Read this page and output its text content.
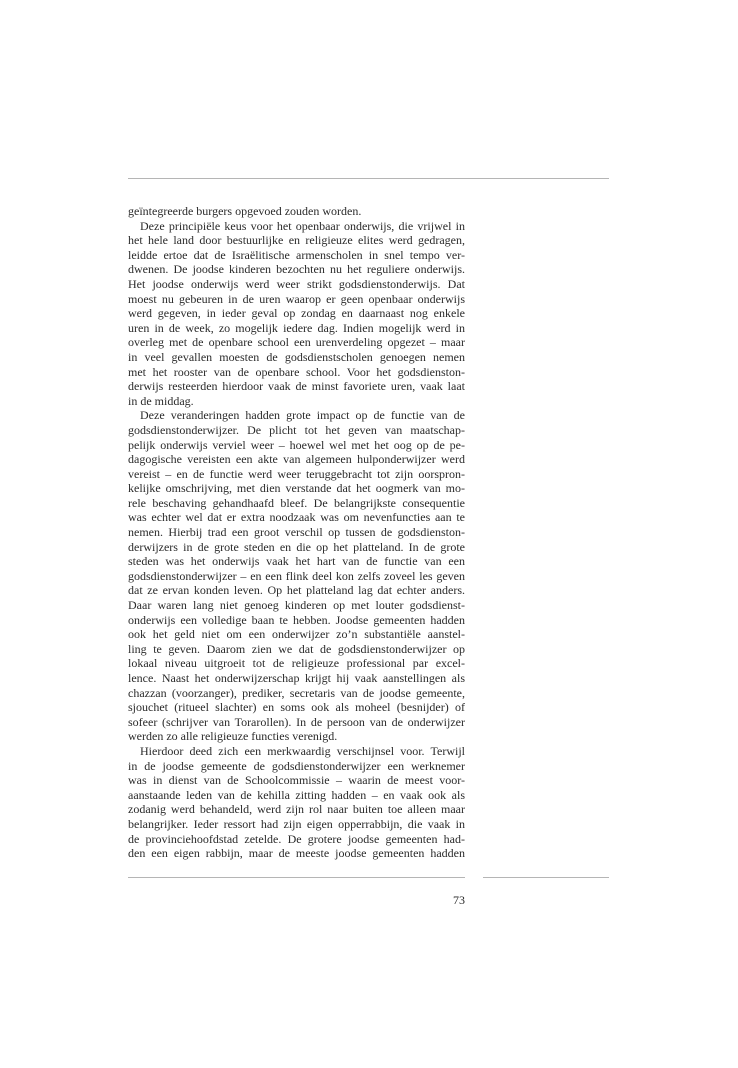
geïntegreerde burgers opgevoed zouden worden.
Deze principiële keus voor het openbaar onderwijs, die vrijwel in
het hele land door bestuurlijke en religieuze elites werd gedragen,
leidde ertoe dat de Israëlitische armenscholen in snel tempo ver-
dwenen. De joodse kinderen bezochten nu het reguliere onderwijs.
Het joodse onderwijs werd weer strikt godsdienstonderwijs. Dat
moest nu gebeuren in de uren waarop er geen openbaar onderwijs
werd gegeven, in ieder geval op zondag en daarnaast nog enkele
uren in de week, zo mogelijk iedere dag. Indien mogelijk werd in
overleg met de openbare school een urenverdeling opgezet – maar
in veel gevallen moesten de godsdienstscholen genoegen nemen
met het rooster van de openbare school. Voor het godsdienston-
derwijs resteerden hierdoor vaak de minst favoriete uren, vaak laat
in de middag.
Deze veranderingen hadden grote impact op de functie van de
godsdienstonderwijzer. De plicht tot het geven van maatschap-
pelijk onderwijs verviel weer – hoewel wel met het oog op de pe-
dagogische vereisten een akte van algemeen hulponderwijzer werd
vereist – en de functie werd weer teruggebracht tot zijn oorspron-
kelijke omschrijving, met dien verstande dat het oogmerk van mo-
rele beschaving gehandhaafd bleef. De belangrijkste consequentie
was echter wel dat er extra noodzaak was om nevenfuncties aan te
nemen. Hierbij trad een groot verschil op tussen de godsdienston-
derwijzers in de grote steden en die op het platteland. In de grote
steden was het onderwijs vaak het hart van de functie van een
godsdienstonderwijzer – en een flink deel kon zelfs zoveel les geven
dat ze ervan konden leven. Op het platteland lag dat echter anders.
Daar waren lang niet genoeg kinderen op met louter godsdienst-
onderwijs een volledige baan te hebben. Joodse gemeenten hadden
ook het geld niet om een onderwijzer zo’n substantiële aanstel-
ling te geven. Daarom zien we dat de godsdienstonderwijzer op
lokaal niveau uitgroeit tot de religieuze professional par excel-
lence. Naast het onderwijzerschap krijgt hij vaak aanstellingen als
chazzan (voorzanger), prediker, secretaris van de joodse gemeente,
sjouchet (ritueel slachter) en soms ook als moheel (besnijder) of
sofeer (schrijver van Torarollen). In de persoon van de onderwijzer
werden zo alle religieuze functies verenigd.
Hierdoor deed zich een merkwaardig verschijnsel voor. Terwijl
in de joodse gemeente de godsdienstonderwijzer een werknemer
was in dienst van de Schoolcommissie – waarin de meest voor-
aanstaande leden van de kehilla zitting hadden – en vaak ook als
zodanig werd behandeld, werd zijn rol naar buiten toe alleen maar
belangrijker. Ieder ressort had zijn eigen opperrabbijn, die vaak in
de provinciehoofdstad zetelde. De grotere joodse gemeenten had-
den een eigen rabbijn, maar de meeste joodse gemeenten hadden
73
